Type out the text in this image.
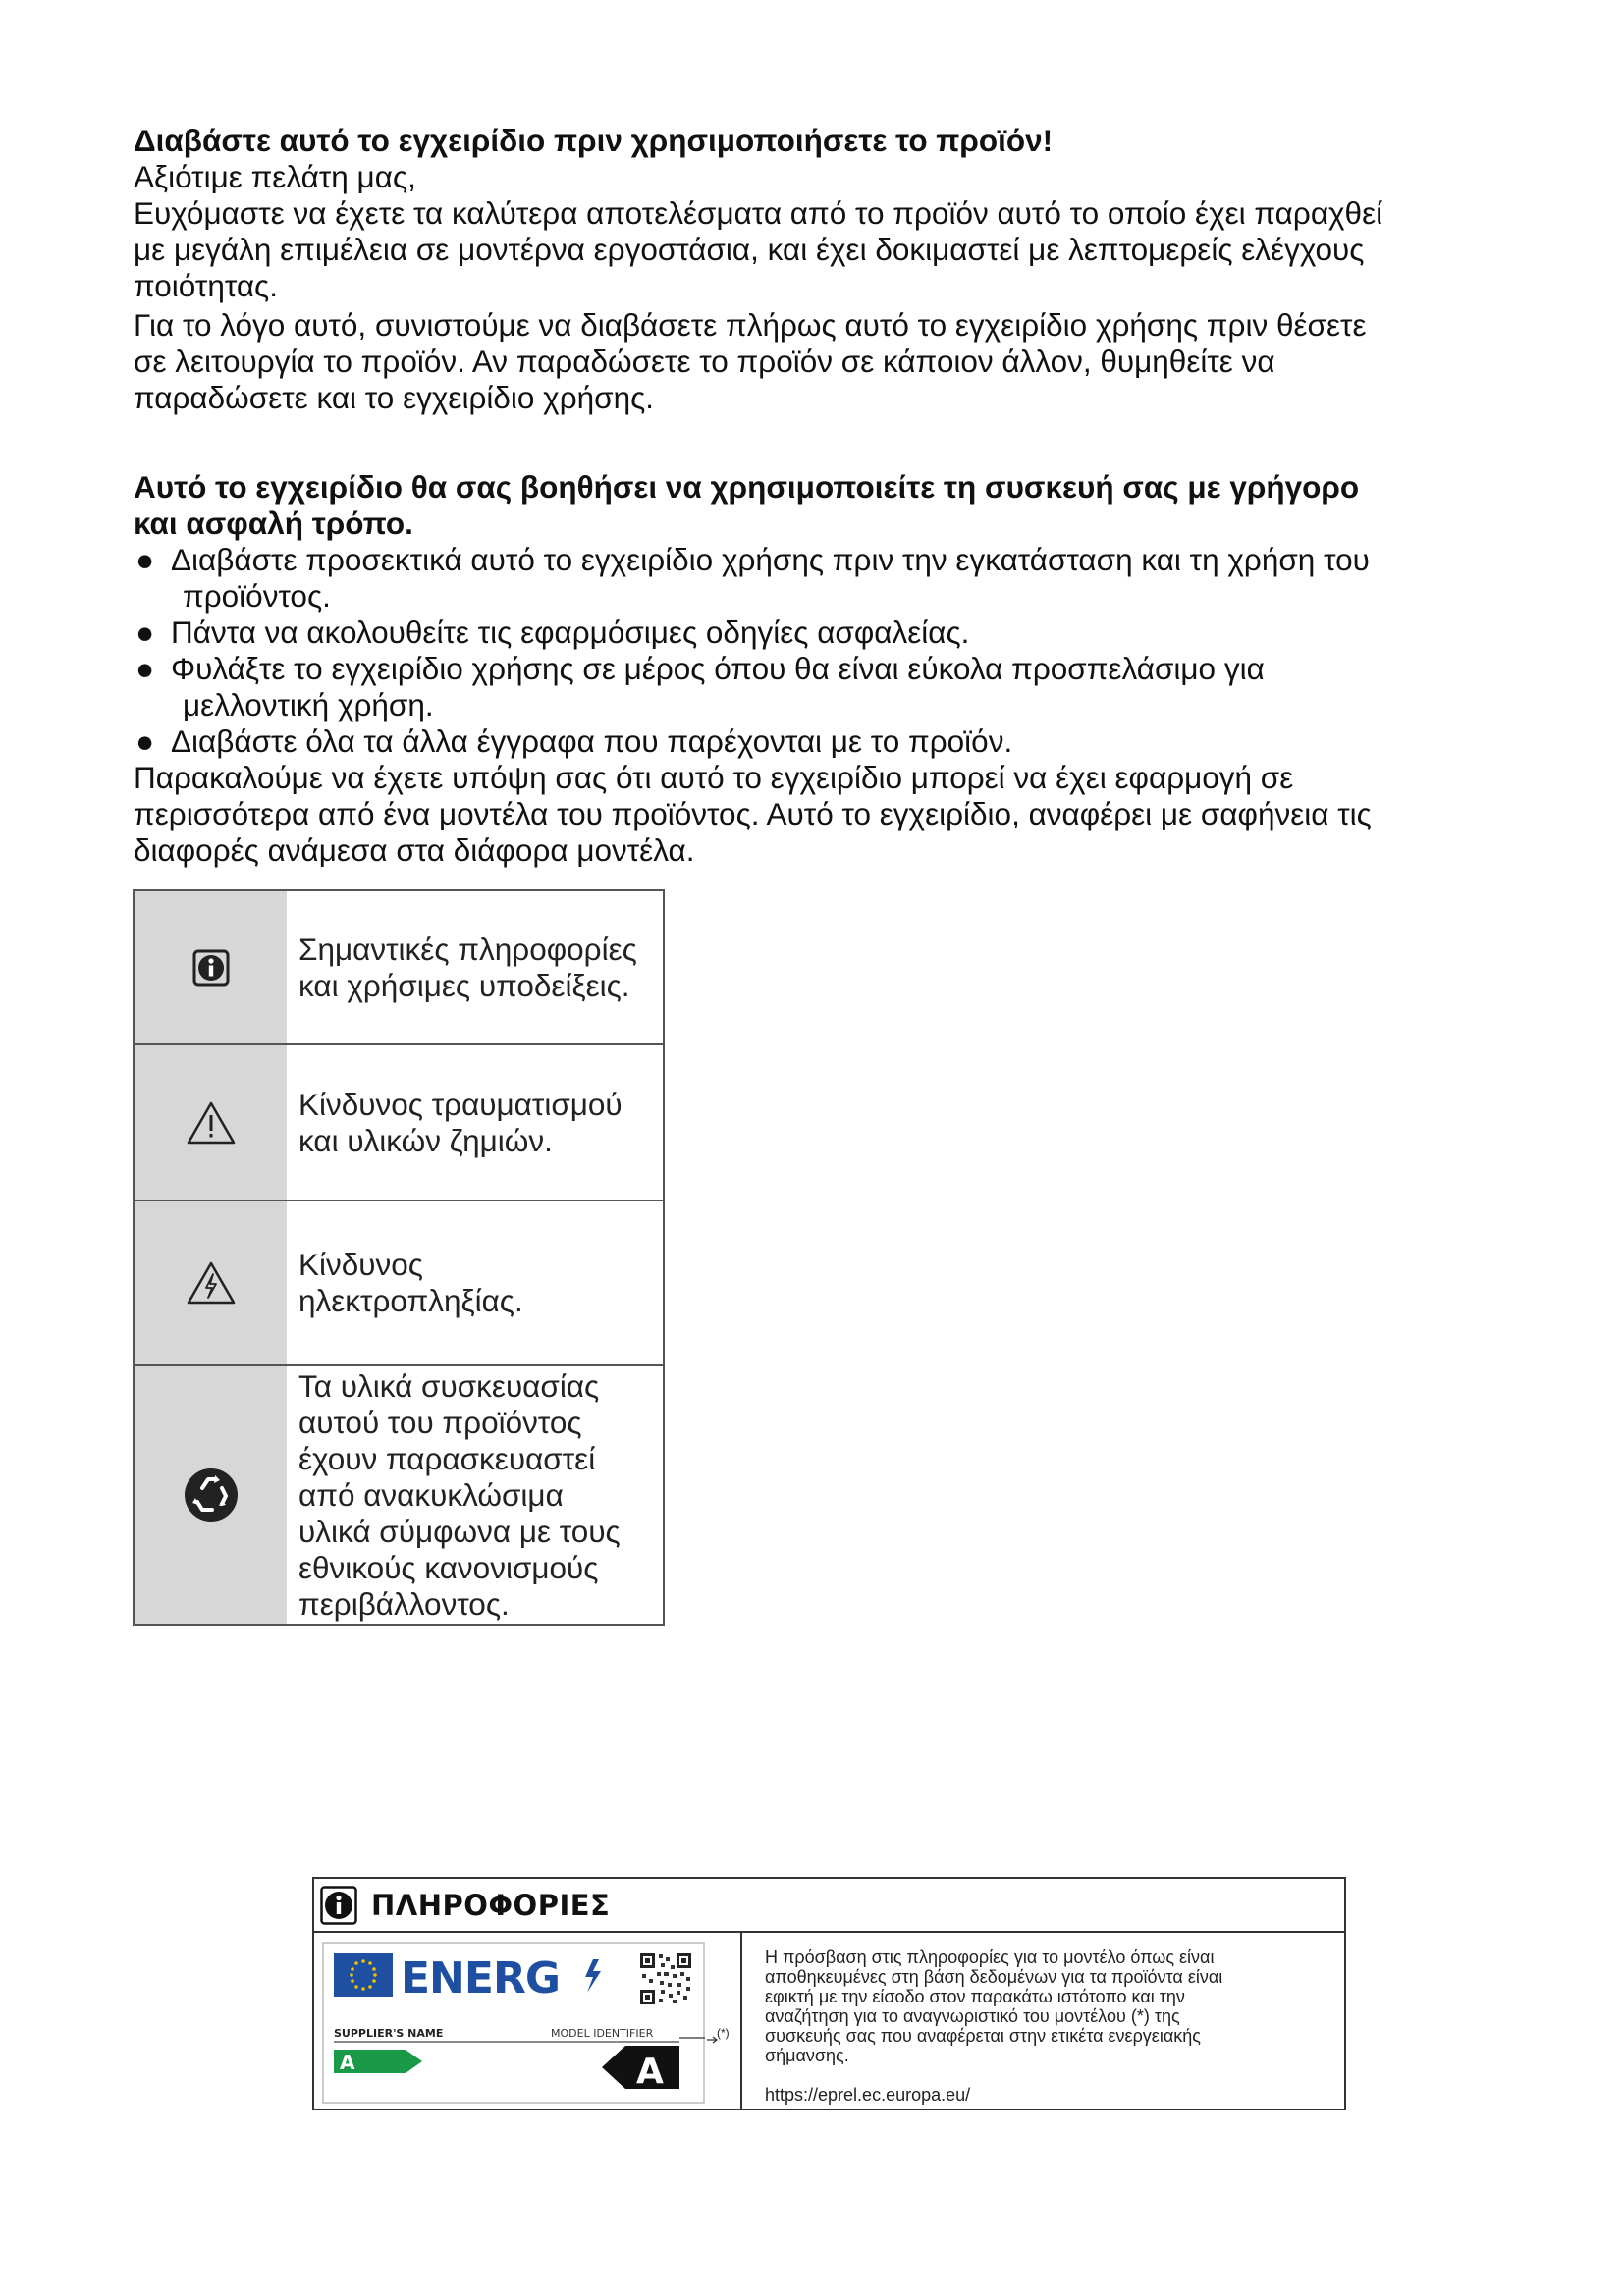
Διαβάστε αυτό το εγχειρίδιο πριν χρησιμοποιήσετε το προϊόν!

Αξιότιμε πελάτη μας,

Ευχόμαστε να έχετε τα καλύτερα αποτελέσματα από το προϊόν αυτό το οποίο έχει παραχθεί

με μεγάλη επιμέλεια σε μοντέρνα εργοστάσια, και έχει δοκιμαστεί με λεπτομερείς ελέγχους

ποιότητας.

Για το λόγο αυτό, συνιστούμε να διαβάσετε πλήρως αυτό το εγχειρίδιο χρήσης πριν θέσετε

σε λειτουργία το προϊόν. Αν παραδώσετε το προϊόν σε κάποιον άλλον, θυμηθείτε να

παραδώσετε και το εγχειρίδιο χρήσης.

Αυτό το εγχειρίδιο θα σας βοηθήσει να χρησιμοποιείτε τη συσκευή σας με γρήγορο

και ασφαλή τρόπο.

● Διαβάστε προσεκτικά αυτό το εγχειρίδιο χρήσης πριν την εγκατάσταση και τη χρήση του
προϊόντος.
● Πάντα να ακολουθείτε τις εφαρμόσιμες οδηγίες ασφαλείας.
● Φυλάξτε το εγχειρίδιο χρήσης σε μέρος όπου θα είναι εύκολα προσπελάσιμο για
μελλοντική χρήση.
● Διαβάστε όλα τα άλλα έγγραφα που παρέχονται με το προϊόν.

Παρακαλούμε να έχετε υπόψη σας ότι αυτό το εγχειρίδιο μπορεί να έχει εφαρμογή σε

περισσότερα από ένα μοντέλα του προϊόντος. Αυτό το εγχειρίδιο, αναφέρει με σαφήνεια τις

διαφορές ανάμεσα στα διάφορα μοντέλα.

Σημαντικές πληροφορίες
και χρήσιμες υποδείξεις.
Κίνδυνος τραυματισμού
και υλικών ζημιών.
Κίνδυνος
ηλεκτροπληξίας.
Τα υλικά συσκευασίας
αυτού του προϊόντος
έχουν παρασκευαστεί
από ανακυκλώσιμα
υλικά σύμφωνα με τους
εθνικούς κανονισμούς
περιβάλλοντος.
ΠΛΗΡΟΦΟΡΙΕΣ
ENERG
SUPPLIER'S NAME	MODEL IDENTIFIER
A	A
(*)
Η πρόσβαση στις πληροφορίες για το μοντέλο όπως είναι
αποθηκευμένες στη βάση δεδομένων για τα προϊόντα είναι
εφικτή με την είσοδο στον παρακάτω ιστότοπο και την
αναζήτηση για το αναγνωριστικό του μοντέλου (*) της
συσκευής σας που αναφέρεται στην ετικέτα ενεργειακής
σήμανσης.
https://eprel.ec.europa.eu/
